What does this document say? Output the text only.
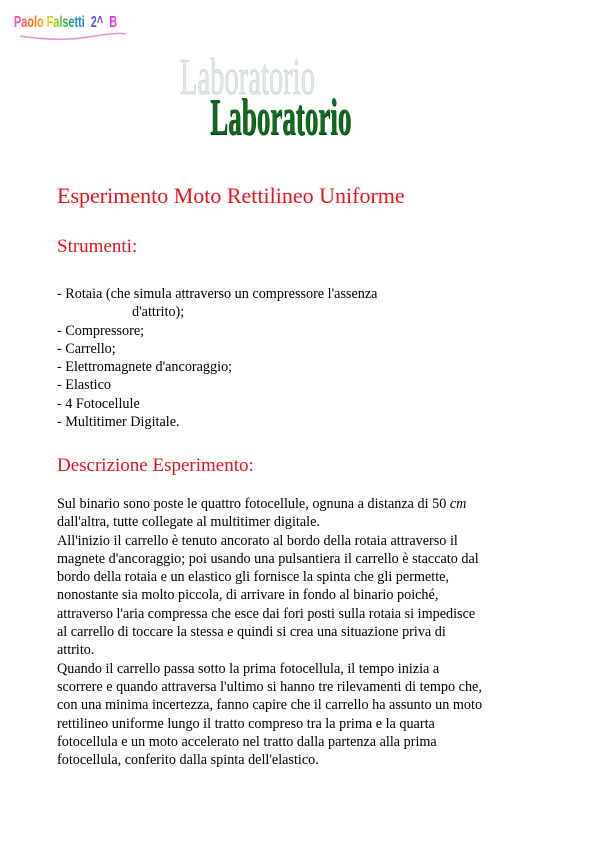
Paolo Falsetti  2^  B
Laboratorio
Laboratorio
Esperimento Moto Rettilineo Uniforme
Strumenti:
- Rotaia (che simula attraverso un compressore l'assenza
d'attrito);
- Compressore;
- Carrello;
- Elettromagnete d'ancoraggio;
- Elastico
- 4 Fotocellule
- Multitimer Digitale.
Descrizione Esperimento:
Sul binario sono poste le quattro fotocellule, ognuna a distanza di 50 cm
dall'altra, tutte collegate al multitimer digitale.
All'inizio il carrello è tenuto ancorato al bordo della rotaia attraverso il
magnete d'ancoraggio; poi usando una pulsantiera il carrello è staccato dal
bordo della rotaia e un elastico gli fornisce la spinta che gli permette,
nonostante sia molto piccola, di arrivare in fondo al binario poiché,
attraverso l'aria compressa che esce dai fori posti sulla rotaia si impedisce
al carrello di toccare la stessa e quindi si crea una situazione priva di
attrito.
Quando il carrello passa sotto la prima fotocellula, il tempo inizia a
scorrere e quando attraversa l'ultimo si hanno tre rilevamenti di tempo che,
con una minima incertezza, fanno capire che il carrello ha assunto un moto
rettilineo uniforme lungo il tratto compreso tra la prima e la quarta
fotocellula e un moto accelerato nel tratto dalla partenza alla prima
fotocellula, conferito dalla spinta dell'elastico.
